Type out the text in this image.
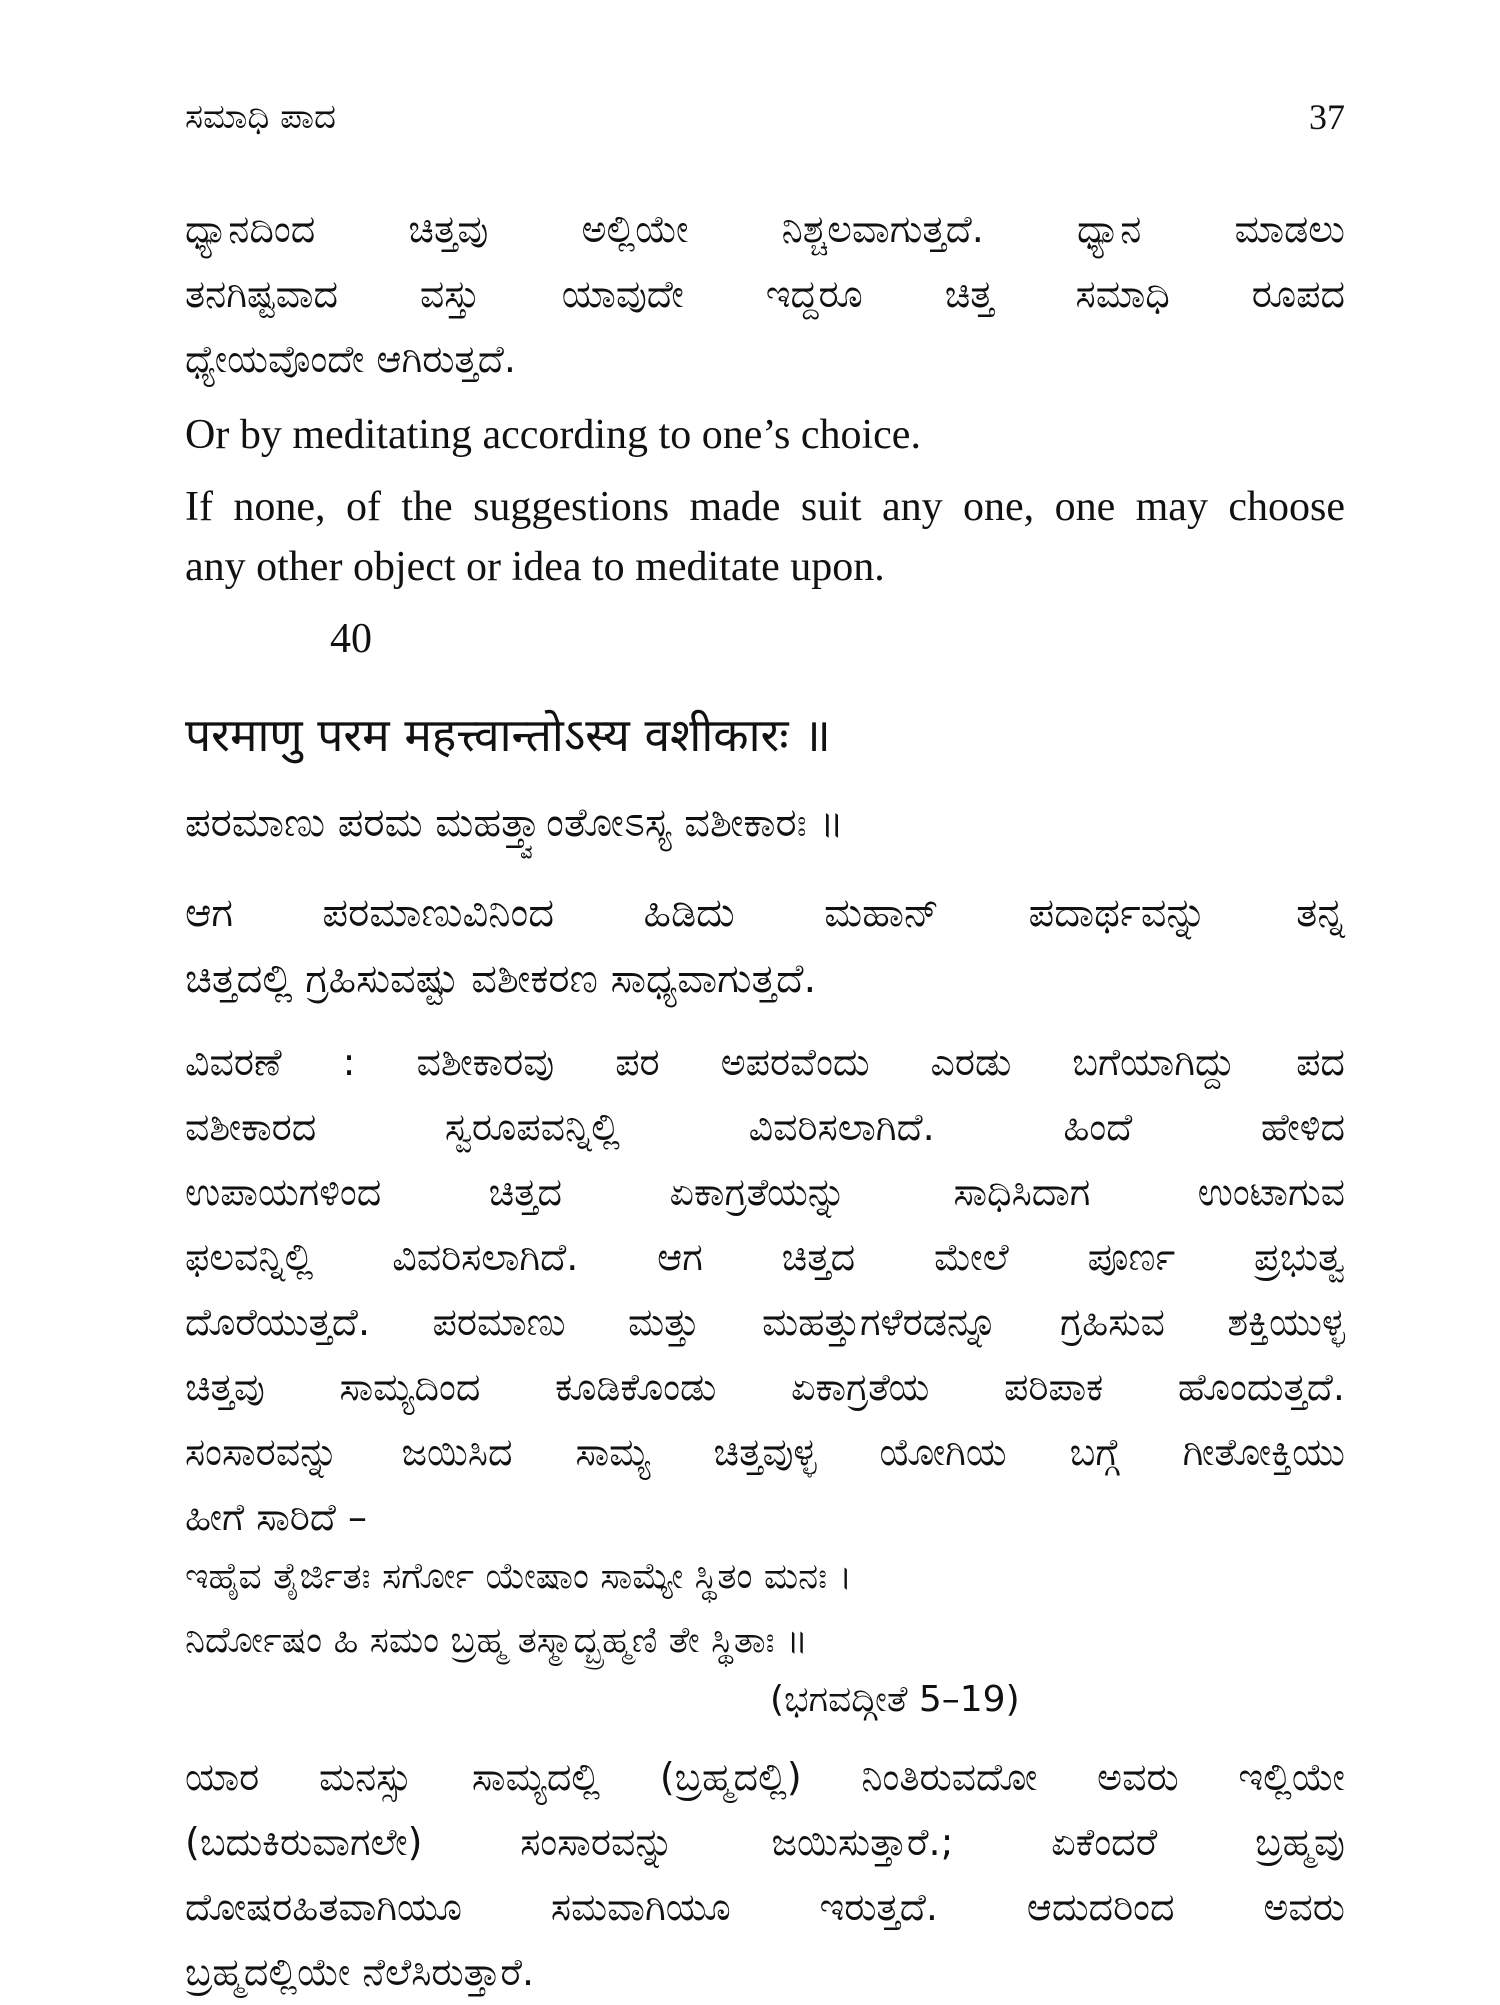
ಸಮಾಧಿ ಪಾದ	37
ಧ್ಯಾನದಿಂದ ಚಿತ್ತವು ಅಲ್ಲಿಯೇ ನಿಶ್ಚಲವಾಗುತ್ತದೆ. ಧ್ಯಾನ ಮಾಡಲು
ತನಗಿಷ್ಟವಾದ ವಸ್ತು ಯಾವುದೇ ಇದ್ದರೂ ಚಿತ್ತ ಸಮಾಧಿ ರೂಪದ
ಧ್ಯೇಯವೊಂದೇ ಆಗಿರುತ್ತದೆ.
Or by meditating according to one’s choice.
If none, of the suggestions made suit any one, one may choose
any other object or idea to meditate upon.
40
परमाणु परम महत्त्वान्तोऽस्य वशीकारः ॥
ಪರಮಾಣು ಪರಮ ಮಹತ್ತ್ವಾಂತೋಽಸ್ಯ ವಶೀಕಾರಃ ॥
ಆಗ ಪರಮಾಣುವಿನಿಂದ ಹಿಡಿದು ಮಹಾನ್ ಪದಾರ್ಥವನ್ನು ತನ್ನ
ಚಿತ್ತದಲ್ಲಿ ಗ್ರಹಿಸುವಷ್ಟು ವಶೀಕರಣ ಸಾಧ್ಯವಾಗುತ್ತದೆ.
ವಿವರಣೆ : ವಶೀಕಾರವು ಪರ ಅಪರವೆಂದು ಎರಡು ಬಗೆಯಾಗಿದ್ದು ಪದ
ವಶೀಕಾರದ ಸ್ವರೂಪವನ್ನಿಲ್ಲಿ ವಿವರಿಸಲಾಗಿದೆ. ಹಿಂದೆ ಹೇಳಿದ
ಉಪಾಯಗಳಿಂದ ಚಿತ್ತದ ಏಕಾಗ್ರತೆಯನ್ನು ಸಾಧಿಸಿದಾಗ ಉಂಟಾಗುವ
ಫಲವನ್ನಿಲ್ಲಿ ವಿವರಿಸಲಾಗಿದೆ. ಆಗ ಚಿತ್ತದ ಮೇಲೆ ಪೂರ್ಣ ಪ್ರಭುತ್ವ
ದೊರೆಯುತ್ತದೆ. ಪರಮಾಣು ಮತ್ತು ಮಹತ್ತುಗಳೆರಡನ್ನೂ ಗ್ರಹಿಸುವ ಶಕ್ತಿಯುಳ್ಳ
ಚಿತ್ತವು ಸಾಮ್ಯದಿಂದ ಕೂಡಿಕೊಂಡು ಏಕಾಗ್ರತೆಯ ಪರಿಪಾಕ ಹೊಂದುತ್ತದೆ.
ಸಂಸಾರವನ್ನು ಜಯಿಸಿದ ಸಾಮ್ಯ ಚಿತ್ತವುಳ್ಳ ಯೋಗಿಯ ಬಗ್ಗೆ ಗೀತೋಕ್ತಿಯು
ಹೀಗೆ ಸಾರಿದೆ –
ಇಹೈವ ತೈರ್ಜಿತಃ ಸರ್ಗೋ ಯೇಷಾಂ ಸಾಮ್ಯೇ ಸ್ಥಿತಂ ಮನಃ ।
ನಿರ್ದೋಷಂ ಹಿ ಸಮಂ ಬ್ರಹ್ಮ ತಸ್ಮಾದ್ಬ್ರಹ್ಮಣಿ ತೇ ಸ್ಥಿತಾಃ ॥
(ಭಗವದ್ಗೀತೆ 5–19)
ಯಾರ ಮನಸ್ಸು ಸಾಮ್ಯದಲ್ಲಿ (ಬ್ರಹ್ಮದಲ್ಲಿ) ನಿಂತಿರುವದೋ ಅವರು ಇಲ್ಲಿಯೇ
(ಬದುಕಿರುವಾಗಲೇ) ಸಂಸಾರವನ್ನು ಜಯಿಸುತ್ತಾರೆ.; ಏಕೆಂದರೆ ಬ್ರಹ್ಮವು
ದೋಷರಹಿತವಾಗಿಯೂ ಸಮವಾಗಿಯೂ ಇರುತ್ತದೆ. ಆದುದರಿಂದ ಅವರು
ಬ್ರಹ್ಮದಲ್ಲಿಯೇ ನೆಲೆಸಿರುತ್ತಾರೆ.
